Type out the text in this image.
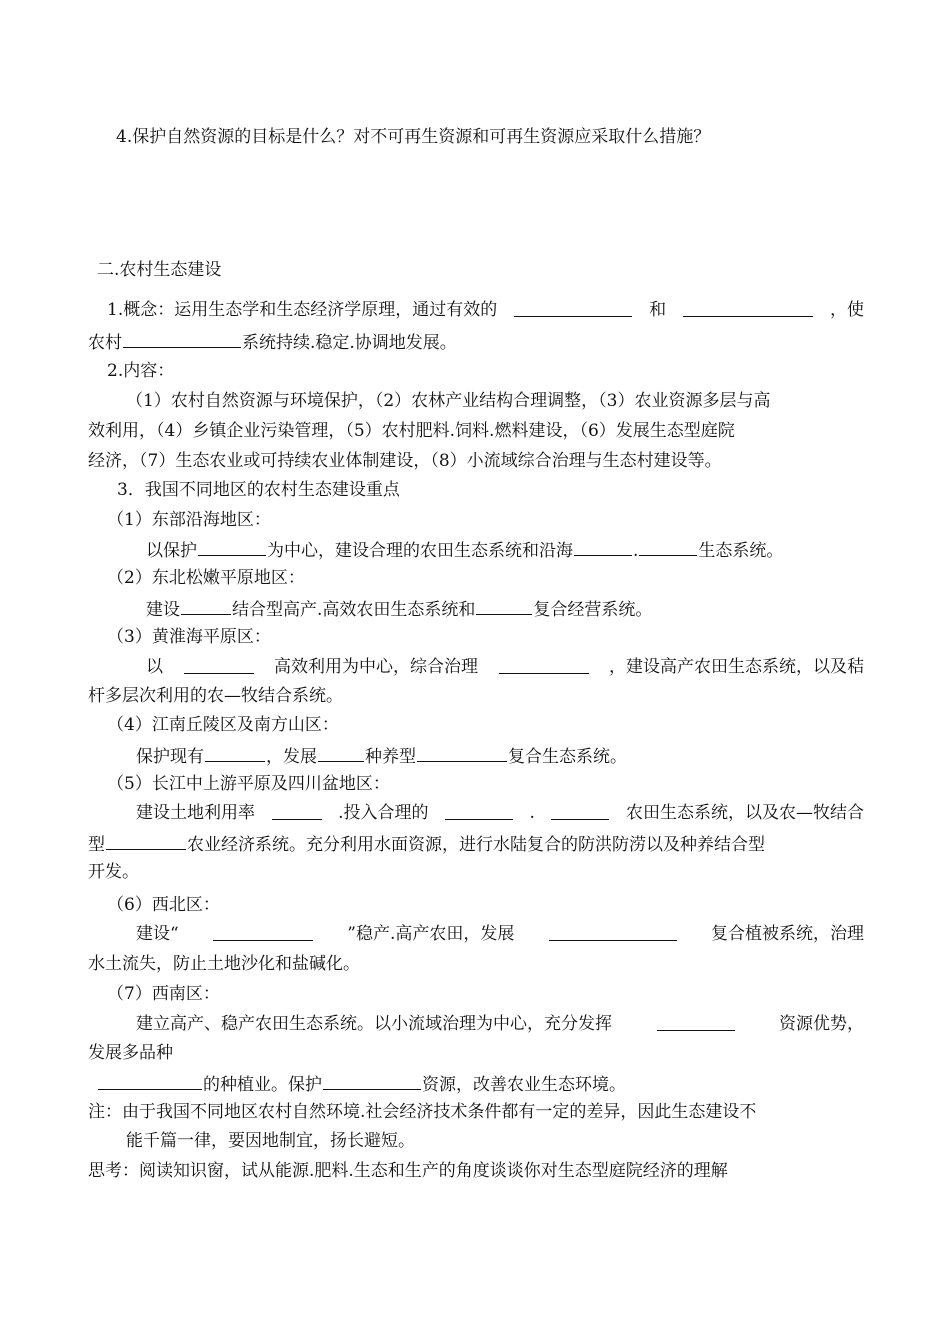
4.保护自然资源的目标是什么？对不可再生资源和可再生资源应采取什么措施？
二.农村生态建设
1.概念：运用生态学和生态经济学原理，通过有效的	和	，使
农村	系统持续.稳定.协调地发展。
2.内容：
（1）农村自然资源与环境保护，（2）农林产业结构合理调整，（3）农业资源多层与高
效利用，（4）乡镇企业污染管理，（5）农村肥料.饲料.燃料建设，（6）发展生态型庭院
经济，（7）生态农业或可持续农业体制建设，（8）小流域综合治理与生态村建设等。
3．我国不同地区的农村生态建设重点
（1）东部沿海地区：
以保护	为中心，建设合理的农田生态系统和沿海	.	生态系统。
（2）东北松嫩平原地区：
建设	结合型高产.高效农田生态系统和	复合经营系统。
（3）黄淮海平原区：
以	高效利用为中心，综合治理	，建设高产农田生态系统，以及秸
杆多层次利用的农—牧结合系统。
（4）江南丘陵区及南方山区：
保护现有	，发展	种养型	复合生态系统。
（5）长江中上游平原及四川盆地区：
建设土地利用率	.投入合理的	.	农田生态系统，以及农—牧结合
型	农业经济系统。充分利用水面资源，进行水陆复合的防洪防涝以及种养结合型
开发。
（6）西北区：
建设“	”稳产.高产农田，发展	复合植被系统，治理
水土流失，防止土地沙化和盐碱化。
（7）西南区：
建立高产、稳产农田生态系统。以小流域治理为中心，充分发挥	资源优势，
发展多品种
的种植业。保护	资源，改善农业生态环境。
注：由于我国不同地区农村自然环境.社会经济技术条件都有一定的差异，因此生态建设不
能千篇一律，要因地制宜，扬长避短。
思考：阅读知识窗，试从能源.肥料.生态和生产的角度谈谈你对生态型庭院经济的理解
